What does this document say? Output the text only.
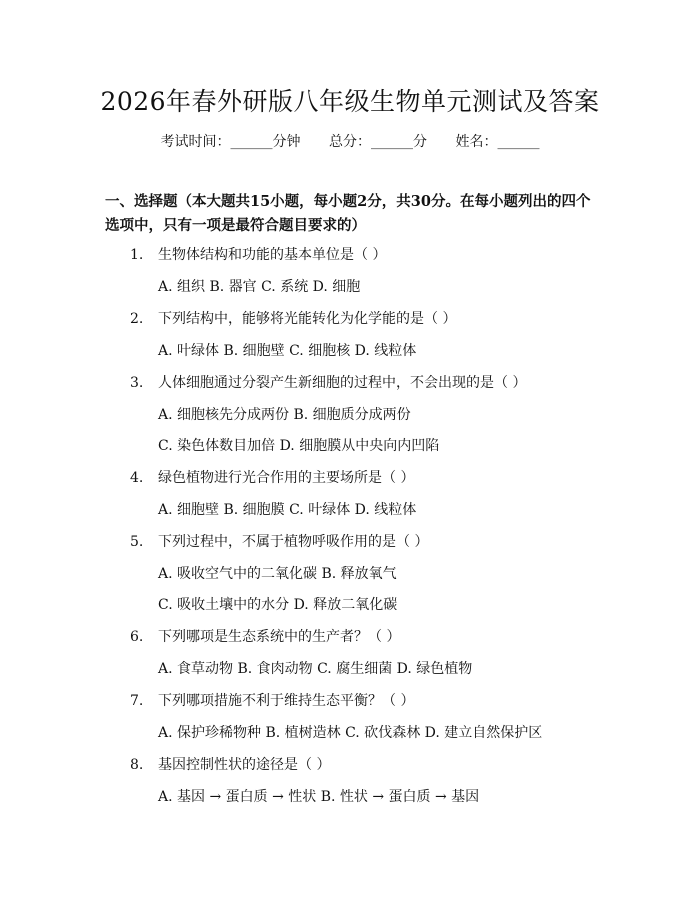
2026年春外研版八年级生物单元测试及答案
考试时间：______分钟 总分：______分 姓名：______
一、选择题（本大题共15小题，每小题2分，共30分。在每小题列出的四个选项中，只有一项是最符合题目要求的）
1. 生物体结构和功能的基本单位是（ ）
A. 组织 B. 器官 C. 系统 D. 细胞
2. 下列结构中，能够将光能转化为化学能的是（ ）
A. 叶绿体 B. 细胞壁 C. 细胞核 D. 线粒体
3. 人体细胞通过分裂产生新细胞的过程中，不会出现的是（ ）
A. 细胞核先分成两份 B. 细胞质分成两份
C. 染色体数目加倍 D. 细胞膜从中央向内凹陷
4. 绿色植物进行光合作用的主要场所是（ ）
A. 细胞壁 B. 细胞膜 C. 叶绿体 D. 线粒体
5. 下列过程中，不属于植物呼吸作用的是（ ）
A. 吸收空气中的二氧化碳 B. 释放氧气
C. 吸收土壤中的水分 D. 释放二氧化碳
6. 下列哪项是生态系统中的生产者？（ ）
A. 食草动物 B. 食肉动物 C. 腐生细菌 D. 绿色植物
7. 下列哪项措施不利于维持生态平衡？（ ）
A. 保护珍稀物种 B. 植树造林 C. 砍伐森林 D. 建立自然保护区
8. 基因控制性状的途径是（ ）
A. 基因 → 蛋白质 → 性状 B. 性状 → 蛋白质 → 基因
